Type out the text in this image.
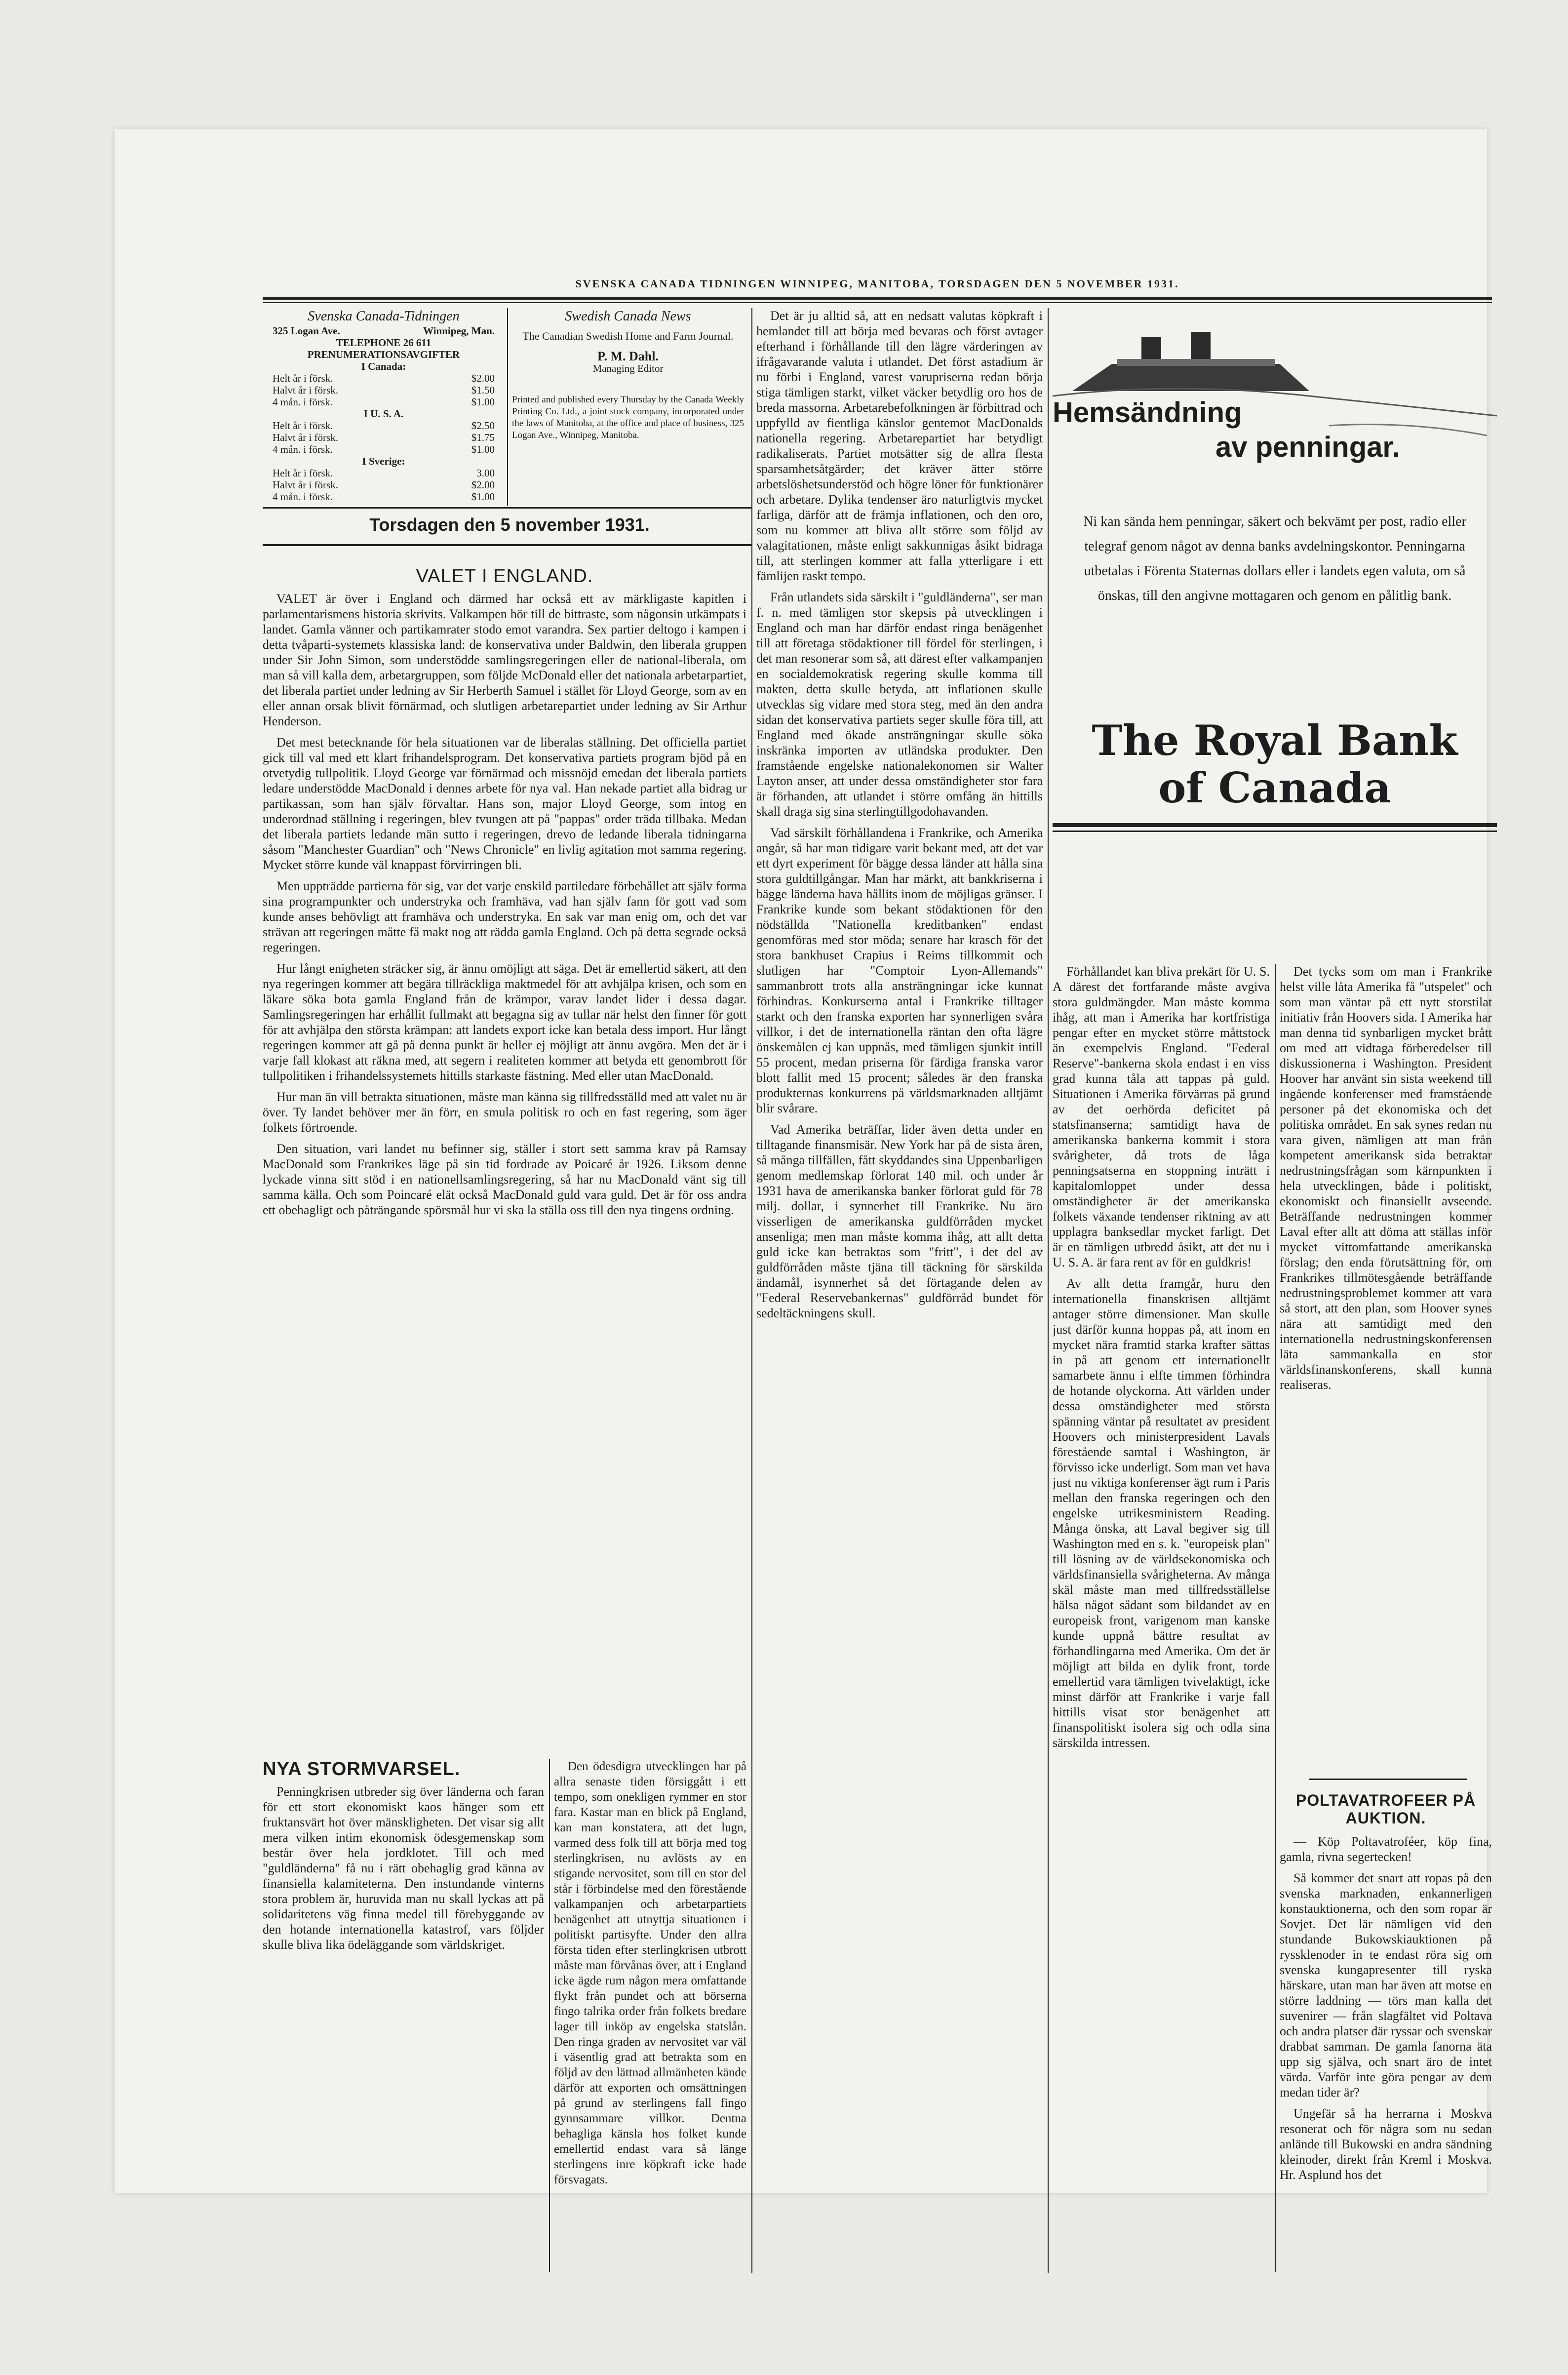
SVENSKA CANADA TIDNINGEN WINNIPEG, MANITOBA, TORSDAGEN DEN 5 NOVEMBER 1931.
Svenska Canada-Tidningen
325 Logan Ave.	Winnipeg, Man.
TELEPHONE 26 611
PRENUMERATIONSAVGIFTER
I Canada:
Helt år i försk.	$2.00
Halvt år i försk.	$1.50
4 mån. i försk.	$1.00
I U. S. A.
Helt år i försk.	$2.50
Halvt år i försk.	$1.75
4 mån. i försk.	$1.00
I Sverige:
Helt år i försk.	3.00
Halvt år i försk.	$2.00
4 mån. i försk.	$1.00
Swedish Canada News
The Canadian Swedish Home and Farm Journal.
P. M. Dahl.
Managing Editor
Printed and published every Thursday by the Canada Weekly Printing Co. Ltd., a joint stock company, incorporated under the laws of Manitoba, at the office and place of business, 325 Logan Ave., Winnipeg, Manitoba.
Torsdagen den 5 november 1931.
VALET I ENGLAND.

VALET är över i England och därmed har också ett av märkligaste kapitlen i parlamentarismens historia skrivits. Valkampen hör till de bittraste, som någonsin utkämpats i landet. Gamla vänner och partikamrater stodo emot varandra. Sex partier deltogo i kampen i detta tvåparti-systemets klassiska land: de konservativa under Baldwin, den liberala gruppen under Sir John Simon, som understödde samlingsregeringen eller de national-liberala, om man så vill kalla dem, arbetargruppen, som följde McDonald eller det nationala arbetarpartiet, det liberala partiet under ledning av Sir Herberth Samuel i stället för Lloyd George, som av en eller annan orsak blivit förnärmad, och slutligen arbetarepartiet under ledning av Sir Arthur Henderson.

Det mest betecknande för hela situationen var de liberalas ställning. Det officiella partiet gick till val med ett klart frihandelsprogram. Det konservativa partiets program bjöd på en otvetydig tullpolitik. Lloyd George var förnärmad och missnöjd emedan det liberala partiets ledare understödde MacDonald i dennes arbete för nya val. Han nekade partiet alla bidrag ur partikassan, som han själv förvaltar. Hans son, major Lloyd George, som intog en underordnad ställning i regeringen, blev tvungen att på "pappas" order träda tillbaka. Medan det liberala partiets ledande män sutto i regeringen, drevo de ledande liberala tidningarna såsom "Manchester Guardian" och "News Chronicle" en livlig agitation mot samma regering. Mycket större kunde väl knappast förvirringen bli.

Men uppträdde partierna för sig, var det varje enskild partiledare förbehållet att själv forma sina programpunkter och understryka och framhäva, vad han själv fann för gott vad som kunde anses behövligt att framhäva och understryka. En sak var man enig om, och det var strävan att regeringen måtte få makt nog att rädda gamla England. Och på detta segrade också regeringen.

Hur långt enigheten sträcker sig, är ännu omöjligt att säga. Det är emellertid säkert, att den nya regeringen kommer att begära tillräckliga maktmedel för att avhjälpa krisen, och som en läkare söka bota gamla England från de krämpor, varav landet lider i dessa dagar. Samlingsregeringen har erhållit fullmakt att begagna sig av tullar när helst den finner för gott för att avhjälpa den största krämpan: att landets export icke kan betala dess import. Hur långt regeringen kommer att gå på denna punkt är heller ej möjligt att ännu avgöra. Men det är i varje fall klokast att räkna med, att segern i realiteten kommer att betyda ett genombrott för tullpolitiken i frihandelssystemets hittills starkaste fästning. Med eller utan MacDonald.

Hur man än vill betrakta situationen, måste man känna sig tillfredsställd med att valet nu är över. Ty landet behöver mer än förr, en smula politisk ro och en fast regering, som äger folkets förtroende.

Den situation, vari landet nu befinner sig, ställer i stort sett samma krav på Ramsay MacDonald som Frankrikes läge på sin tid fordrade av Poicaré år 1926. Liksom denne lyckade vinna sitt stöd i en nationellsamlingsregering, så har nu MacDonald vänt sig till samma källa. Och som Poincaré elät också MacDonald guld vara guld. Det är för oss andra ett obehagligt och påträngande spörsmål hur vi ska la ställa oss till den nya tingens ordning.

NYA STORMVARSEL.

Penningkrisen utbreder sig över länderna och faran för ett stort ekonomiskt kaos hänger som ett fruktansvärt hot över mänskligheten. Det visar sig allt mera vilken intim ekonomisk ödesgemenskap som består över hela jordklotet. Till och med "guldländerna" få nu i rätt obehaglig grad känna av finansiella kalamiteterna. Den instundande vinterns stora problem är, huruvida man nu skall lyckas att på solidaritetens väg finna medel till förebyggande av den hotande internationella katastrof, vars följder skulle bliva lika ödeläggande som världskriget.

Den ödesdigra utvecklingen har på allra senaste tiden försiggått i ett tempo, som onekligen rymmer en stor fara. Kastar man en blick på England, kan man konstatera, att det lugn, varmed dess folk till att börja med tog sterlingkrisen, nu avlösts av en stigande nervositet, som till en stor del står i förbindelse med den förestående valkampanjen och arbetarpartiets benägenhet att utnyttja situationen i politiskt partisyfte. Under den allra första tiden efter sterlingkrisen utbrott måste man förvånas över, att i England icke ägde rum någon mera omfattande flykt från pundet och att börserna fingo talrika order från folkets bredare lager till inköp av engelska statslån. Den ringa graden av nervositet var väl i väsentlig grad att betrakta som en följd av den lättnad allmänheten kände därför att exporten och omsättningen på grund av sterlingens fall fingo gynnsammare villkor. Dentna behagliga känsla hos folket kunde emellertid endast vara så länge sterlingens inre köpkraft icke hade försvagats.

Det är ju alltid så, att en nedsatt valutas köpkraft i hemlandet till att börja med bevaras och först avtager efterhand i förhållande till den lägre värderingen av ifrågavarande valuta i utlandet. Det först astadium är nu förbi i England, varest varupriserna redan börja stiga tämligen starkt, vilket väcker betydlig oro hos de breda massorna. Arbetarebefolkningen är förbittrad och uppfylld av fientliga känslor gentemot MacDonalds nationella regering. Arbetarepartiet har betydligt radikaliserats. Partiet motsätter sig de allra flesta sparsamhetsåtgärder; det kräver ätter större arbetslöshetsunderstöd och högre löner för funktionärer och arbetare. Dylika tendenser äro naturligtvis mycket farliga, därför att de främja inflationen, och den oro, som nu kommer att bliva allt större som följd av valagitationen, måste enligt sakkunnigas åsikt bidraga till, att sterlingen kommer att falla ytterligare i ett fämlijen raskt tempo.

Från utlandets sida särskilt i "guldländerna", ser man f. n. med tämligen stor skepsis på utvecklingen i England och man har därför endast ringa benägenhet till att företaga stödaktioner till fördel för sterlingen, i det man resonerar som så, att därest efter valkampanjen en socialdemokratisk regering skulle komma till makten, detta skulle betyda, att inflationen skulle utvecklas sig vidare med stora steg, med än den andra sidan det konservativa partiets seger skulle föra till, att England med ökade ansträngningar skulle söka inskränka importen av utländska produkter. Den framstående engelske nationalekonomen sir Walter Layton anser, att under dessa omständigheter stor fara är förhanden, att utlandet i större omfång än hittills skall draga sig sina sterlingtillgodohavanden.

Vad särskilt förhållandena i Frankrike, och Amerika angår, så har man tidigare varit bekant med, att det var ett dyrt experiment för bägge dessa länder att hålla sina stora guldtillgångar. Man har märkt, att bankkriserna i bägge länderna hava hållits inom de möjligas gränser. I Frankrike kunde som bekant stödaktionen för den nödställda "Nationella kreditbanken" endast genomföras med stor möda; senare har krasch för det stora bankhuset Crapius i Reims tillkommit och slutligen har "Comptoir Lyon-Allemands" sammanbrott trots alla ansträngningar icke kunnat förhindras. Konkurserna antal i Frankrike tilltager starkt och den franska exporten har synnerligen svåra villkor, i det de internationella räntan den ofta lägre önskemålen ej kan uppnås, med tämligen sjunkit intill 55 procent, medan priserna för färdiga franska varor blott fallit med 15 procent; således är den franska produkternas konkurrens på världsmarknaden alltjämt blir svårare.

Vad Amerika beträffar, lider även detta under en tilltagande finansmisär. New York har på de sista åren, så många tillfällen, fått skyddandes sina Uppenbarligen genom medlemskap förlorat 140 mil. och under år 1931 hava de amerikanska banker förlorat guld för 78 milj. dollar, i synnerhet till Frankrike. Nu äro visserligen de amerikanska guldförråden mycket ansenliga; men man måste komma ihåg, att allt detta guld icke kan betraktas som "fritt", i det del av guldförråden måste tjäna till täckning för särskilda ändamål, isynnerhet så det förtagande delen av "Federal Reservebankernas" guldförråd bundet för sedeltäckningens skull.

Hemsändning
av penningar.
Ni kan sända hem penningar, säkert och bekvämt per post, radio eller telegraf genom något av denna banks avdelningskontor. Penningarna utbetalas i Förenta Staternas dollars eller i landets egen valuta, om så önskas, till den angivne mottagaren och genom en pålitlig bank.
The Royal Bank
of Canada

Förhållandet kan bliva prekärt för U. S. A därest det fortfarande måste avgiva stora guldmängder. Man måste komma ihåg, att man i Amerika har kortfristiga pengar efter en mycket större måttstock än exempelvis England. "Federal Reserve"-bankerna skola endast i en viss grad kunna tåla att tappas på guld. Situationen i Amerika förvärras på grund av det oerhörda deficitet på statsfinanserna; samtidigt hava de amerikanska bankerna kommit i stora svårigheter, då trots de låga penningsatserna en stoppning inträtt i kapitalomloppet under dessa omständigheter är det amerikanska folkets växande tendenser riktning av att upplagra banksedlar mycket farligt. Det är en tämligen utbredd åsikt, att det nu i U. S. A. är fara rent av för en guldkris!

Av allt detta framgår, huru den internationella finanskrisen alltjämt antager större dimensioner. Man skulle just därför kunna hoppas på, att inom en mycket nära framtid starka krafter sättas in på att genom ett internationellt samarbete ännu i elfte timmen förhindra de hotande olyckorna. Att världen under dessa omständigheter med största spänning väntar på resultatet av president Hoovers och ministerpresident Lavals förestående samtal i Washington, är förvisso icke underligt. Som man vet hava just nu viktiga konferenser ägt rum i Paris mellan den franska regeringen och den engelske utrikesministern Reading. Många önska, att Laval begiver sig till Washington med en s. k. "europeisk plan" till lösning av de världsekonomiska och världsfinansiella svårigheterna. Av många skäl måste man med tillfredsställelse hälsa något sådant som bildandet av en europeisk front, varigenom man kanske kunde uppnå bättre resultat av förhandlingarna med Amerika. Om det är möjligt att bilda en dylik front, torde emellertid vara tämligen tvivelaktigt, icke minst därför att Frankrike i varje fall hittills visat stor benägenhet att finanspolitiskt isolera sig och odla sina särskilda intressen.

Det tycks som om man i Frankrike helst ville låta Amerika få "utspelet" och som man väntar på ett nytt storstilat initiativ från Hoovers sida. I Amerika har man denna tid synbarligen mycket brått om med att vidtaga förberedelser till diskussionerna i Washington. President Hoover har använt sin sista weekend till ingående konferenser med framstående personer på det ekonomiska och det politiska området. En sak synes redan nu vara given, nämligen att man från kompetent amerikansk sida betraktar nedrustningsfrågan som kärnpunkten i hela utvecklingen, både i politiskt, ekonomiskt och finansiellt avseende. Beträffande nedrustningen kommer Laval efter allt att döma att ställas inför mycket vittomfattande amerikanska förslag; den enda förutsättning för, om Frankrikes tillmötesgående beträffande nedrustningsproblemet kommer att vara så stort, att den plan, som Hoover synes nära att samtidigt med den internationella nedrustningskonferensen läta sammankalla en stor världsfinanskonferens, skall kunna realiseras.

POLTAVATROFEER PÅ AUKTION.

— Köp Poltavatroféer, köp fina, gamla, rivna segertecken!

Så kommer det snart att ropas på den svenska marknaden, enkannerligen konstauktionerna, och den som ropar är Sovjet. Det lär nämligen vid den stundande Bukowskiauktionen på ryssklenoder in te endast röra sig om svenska kungapresenter till ryska härskare, utan man har även att motse en större laddning — törs man kalla det suvenirer — från slagfältet vid Poltava och andra platser där ryssar och svenskar drabbat samman. De gamla fanorna äta upp sig själva, och snart äro de intet värda. Varför inte göra pengar av dem medan tider är?

Ungefär så ha herrarna i Moskva resonerat och för några som nu sedan anlände till Bukowski en andra sändning kleinoder, direkt från Kreml i Moskva. Hr. Asplund hos det
